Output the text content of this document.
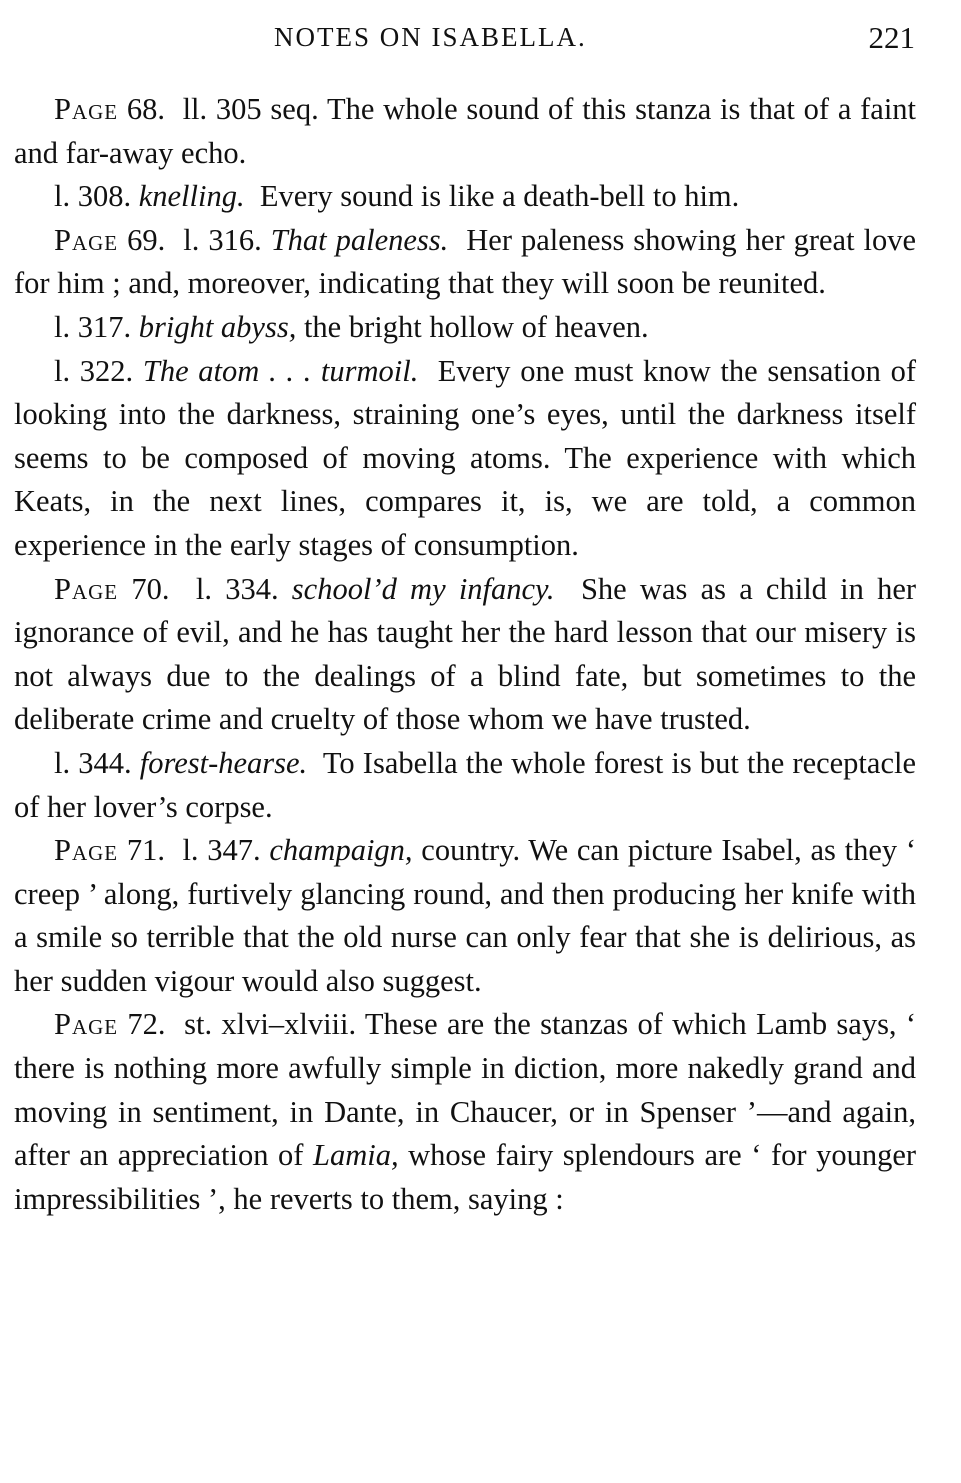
NOTES ON ISABELLA.	221

Page 68. ll. 305 seq. The whole sound of this stanza is that of a faint and far-away echo.

l. 308. knelling. Every sound is like a death-bell to him.

Page 69. l. 316. That paleness. Her paleness showing her great love for him ; and, moreover, indicating that they will soon be reunited.

l. 317. bright abyss, the bright hollow of heaven.

l. 322. The atom . . . turmoil. Every one must know the sensation of looking into the darkness, straining one’s eyes, until the darkness itself seems to be composed of moving atoms. The experience with which Keats, in the next lines, compares it, is, we are told, a common experience in the early stages of consumption.

Page 70. l. 334. school’d my infancy. She was as a child in her ignorance of evil, and he has taught her the hard lesson that our misery is not always due to the dealings of a blind fate, but sometimes to the deliberate crime and cruelty of those whom we have trusted.

l. 344. forest-hearse. To Isabella the whole forest is but the receptacle of her lover’s corpse.

Page 71. l. 347. champaign, country. We can picture Isabel, as they ‘ creep ’ along, furtively glancing round, and then producing her knife with a smile so terrible that the old nurse can only fear that she is delirious, as her sudden vigour would also suggest.

Page 72. st. xlvi–xlviii. These are the stanzas of which Lamb says, ‘ there is nothing more awfully simple in diction, more nakedly grand and moving in sentiment, in Dante, in Chaucer, or in Spenser ’—and again, after an appreciation of Lamia, whose fairy splendours are ‘ for younger impressibilities ’, he reverts to them, saying :
